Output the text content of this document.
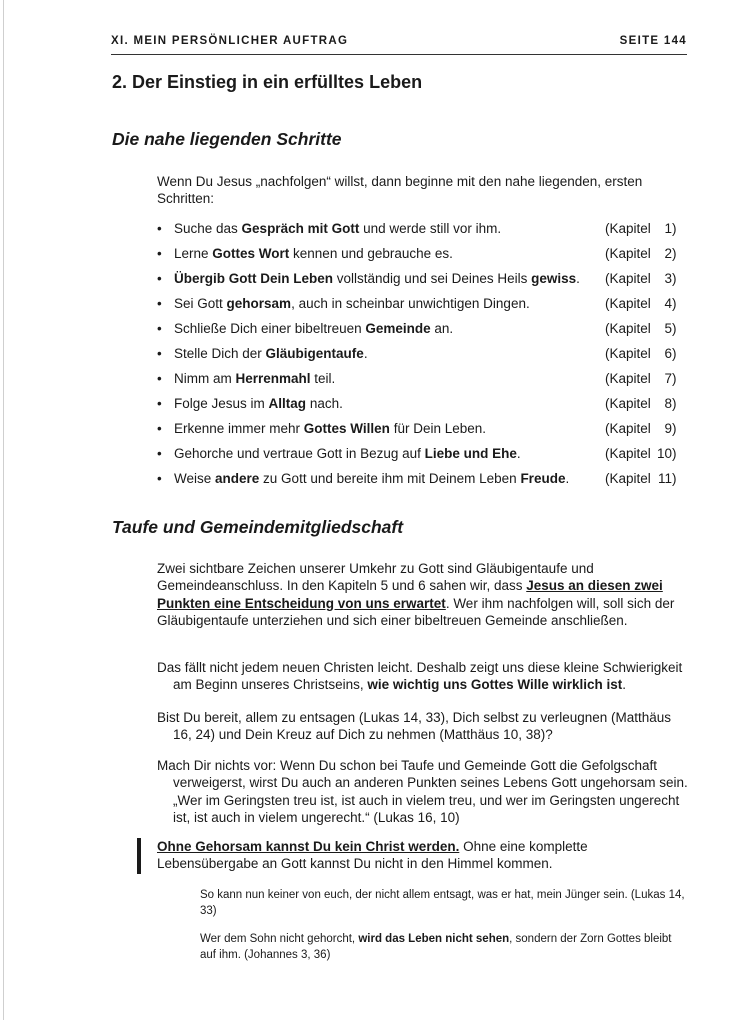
XI. MEIN PERSÖNLICHER AUFTRAG	SEITE 144
2. Der Einstieg in ein erfülltes Leben
Die nahe liegenden Schritte
Wenn Du Jesus „nachfolgen“ willst, dann beginne mit den nahe liegenden, ersten Schritten:
• Suche das Gespräch mit Gott und werde still vor ihm.	(Kapitel 1)
• Lerne Gottes Wort kennen und gebrauche es.	(Kapitel 2)
• Übergib Gott Dein Leben vollständig und sei Deines Heils gewiss. (Kapitel 3)
• Sei Gott gehorsam, auch in scheinbar unwichtigen Dingen.	(Kapitel 4)
• Schließe Dich einer bibeltreuen Gemeinde an.	(Kapitel 5)
• Stelle Dich der Gläubigentaufe.	(Kapitel 6)
• Nimm am Herrenmahl teil.	(Kapitel 7)
• Folge Jesus im Alltag nach.	(Kapitel 8)
• Erkenne immer mehr Gottes Willen für Dein Leben.	(Kapitel 9)
• Gehorche und vertraue Gott in Bezug auf Liebe und Ehe.	(Kapitel 10)
• Weise andere zu Gott und bereite ihm mit Deinem Leben Freude.	(Kapitel 11)
Taufe und Gemeindemitgliedschaft

Zwei sichtbare Zeichen unserer Umkehr zu Gott sind Gläubigentaufe und Gemeindeanschluss. In den Kapiteln 5 und 6 sahen wir, dass Jesus an diesen zwei Punkten eine Entscheidung von uns erwartet. Wer ihm nachfolgen will, soll sich der Gläubigentaufe unterziehen und sich einer bibeltreuen Gemeinde anschließen.

Das fällt nicht jedem neuen Christen leicht. Deshalb zeigt uns diese kleine Schwierigkeit am Beginn unseres Christseins, wie wichtig uns Gottes Wille wirklich ist.

Bist Du bereit, allem zu entsagen (Lukas 14, 33), Dich selbst zu verleugnen (Matthäus 16, 24) und Dein Kreuz auf Dich zu nehmen (Matthäus 10, 38)?

Mach Dir nichts vor: Wenn Du schon bei Taufe und Gemeinde Gott die Gefolgschaft verweigerst, wirst Du auch an anderen Punkten seines Lebens Gott ungehorsam sein. „Wer im Geringsten treu ist, ist auch in vielem treu, und wer im Geringsten ungerecht ist, ist auch in vielem ungerecht.“ (Lukas 16, 10)

Ohne Gehorsam kannst Du kein Christ werden. Ohne eine komplette Lebensübergabe an Gott kannst Du nicht in den Himmel kommen.

So kann nun keiner von euch, der nicht allem entsagt, was er hat, mein Jünger sein. (Lukas 14, 33)

Wer dem Sohn nicht gehorcht, wird das Leben nicht sehen, sondern der Zorn Gottes bleibt auf ihm. (Johannes 3, 36)
